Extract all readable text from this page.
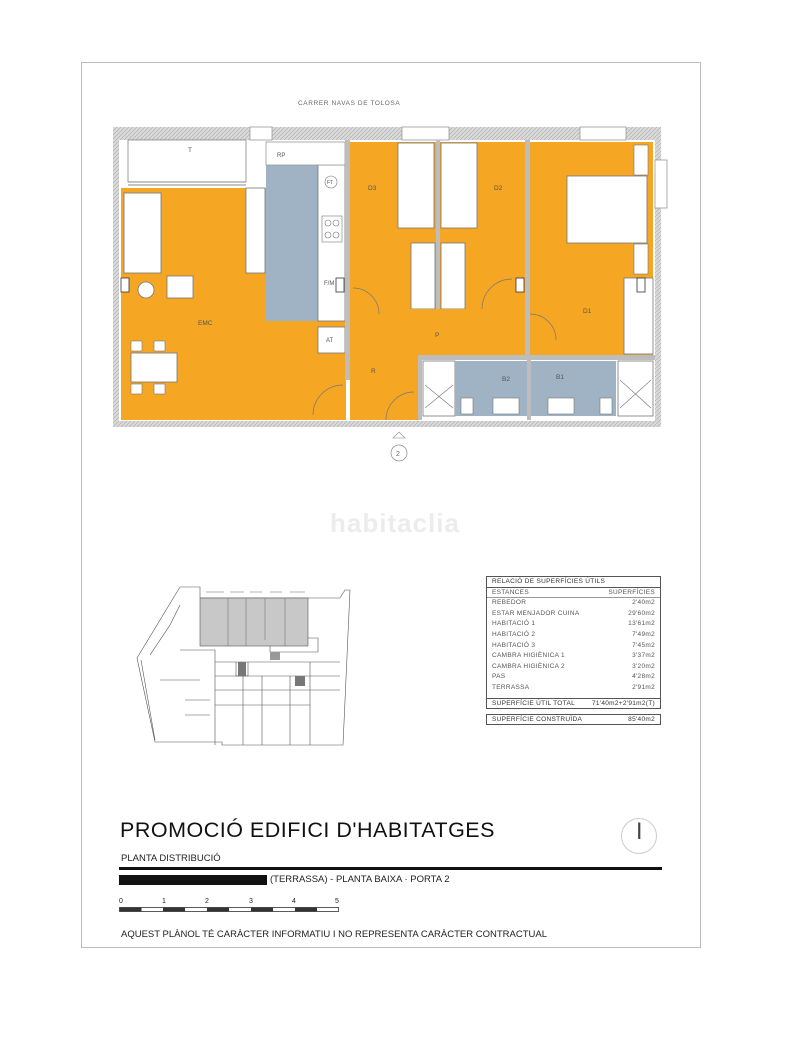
T
EMC
D3	D2
D1
P
R
B2	B1
RP
FT
F/M
AT
2
CARRER NAVAS DE TOLOSA
habitaclia
RELACIÓ DE SUPERFÍCIES ÚTILS
ESTANCES	SUPERFÍCIES
REBEDOR	2'40m2
ESTAR MENJADOR CUINA	29'60m2
HABITACIÓ 1	13'61m2
HABITACIÓ 2	7'49m2
HABITACIÓ 3	7'45m2
CAMBRA HIGIÈNICA 1	3'37m2
CAMBRA HIGIÈNICA 2	3'20m2
PAS	4'28m2
TERRASSA	2'91m2
SUPERFÍCIE ÚTIL TOTAL	71'40m2+2'91m2(T)
SUPERFÍCIE CONSTRUÏDA	85'40m2
PROMOCIÓ EDIFICI D'HABITATGES	I
PLANTA DISTRIBUCIÓ
(TERRASSA) - PLANTA BAIXA · PORTA 2
0	1	2	3	4	5
AQUEST PLÀNOL TÉ CARÀCTER INFORMATIU I NO REPRESENTA CARÀCTER CONTRACTUAL
